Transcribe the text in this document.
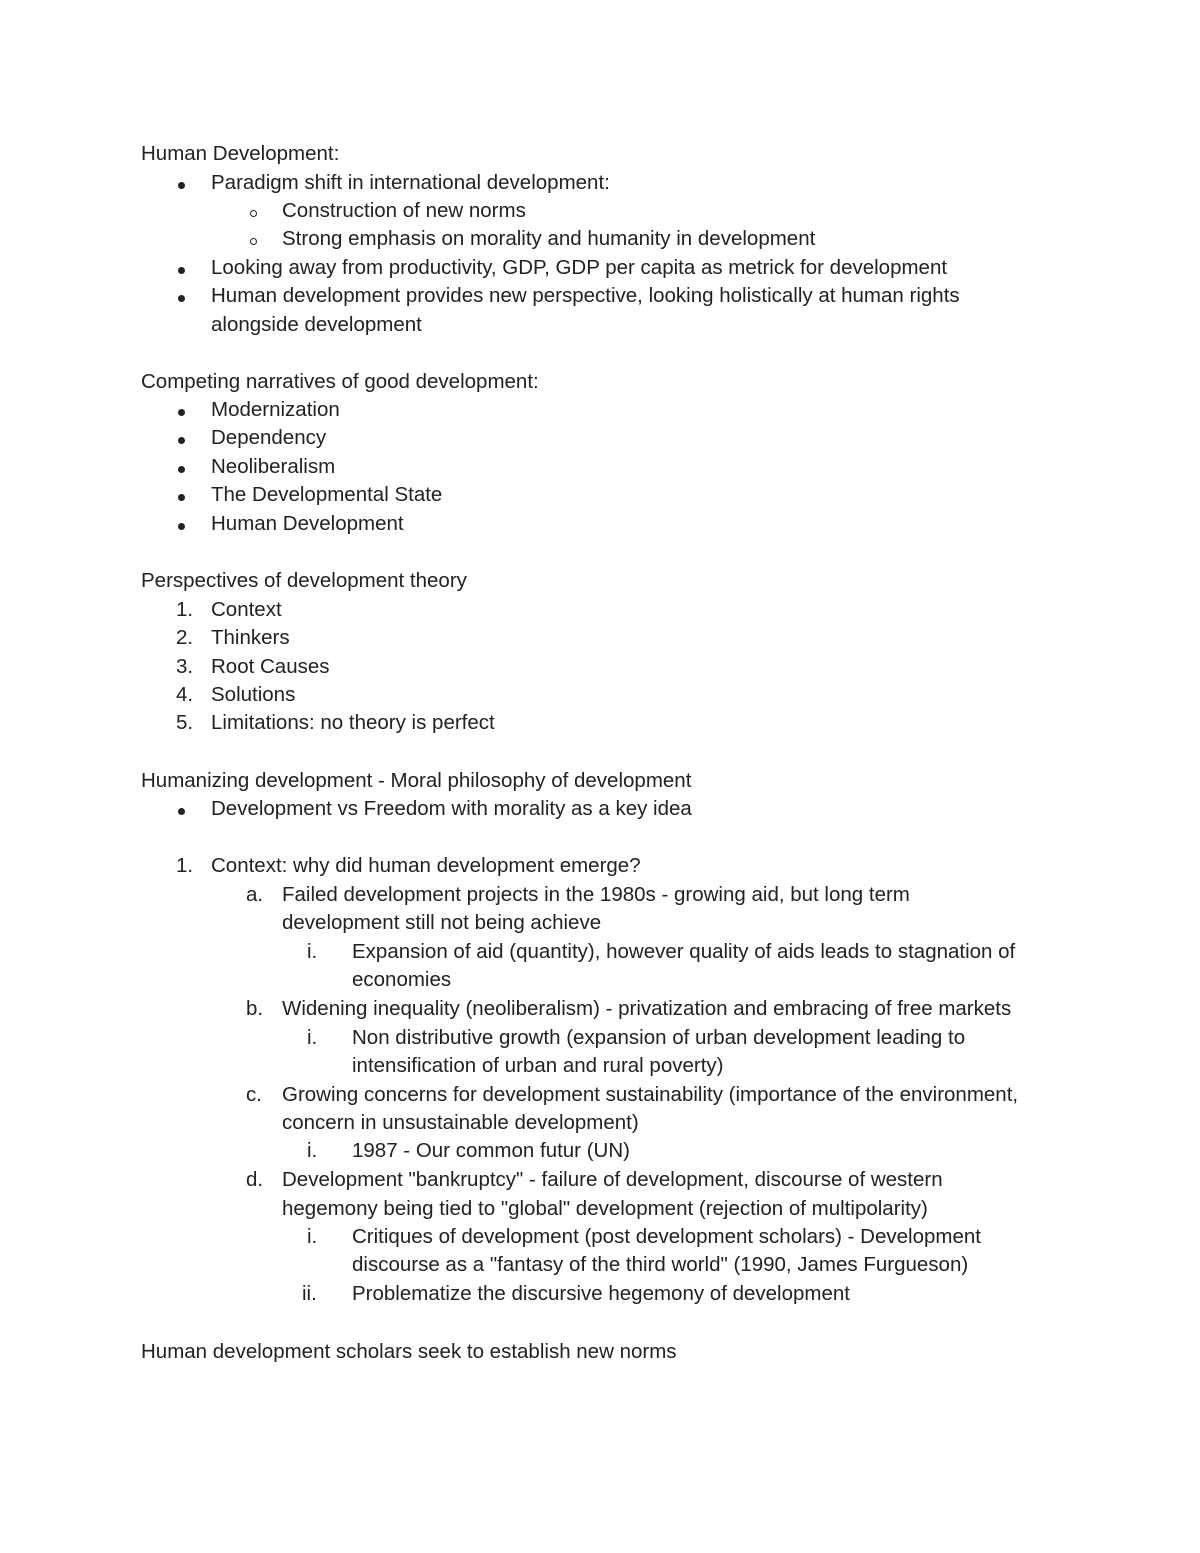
Human Development:
Paradigm shift in international development:
Construction of new norms
Strong emphasis on morality and humanity in development
Looking away from productivity, GDP, GDP per capita as metrick for development
Human development provides new perspective, looking holistically at human rights
alongside development
Competing narratives of good development:
Modernization
Dependency
Neoliberalism
The Developmental State
Human Development
Perspectives of development theory
1. Context
2. Thinkers
3. Root Causes
4. Solutions
5. Limitations: no theory is perfect
Humanizing development - Moral philosophy of development
Development vs Freedom with morality as a key idea
1. Context: why did human development emerge?
a. Failed development projects in the 1980s - growing aid, but long term
development still not being achieve
i. Expansion of aid (quantity), however quality of aids leads to stagnation of
economies
b. Widening inequality (neoliberalism) - privatization and embracing of free markets
i. Non distributive growth (expansion of urban development leading to
intensification of urban and rural poverty)
c. Growing concerns for development sustainability (importance of the environment,
concern in unsustainable development)
i. 1987 - Our common futur (UN)
d. Development "bankruptcy" - failure of development, discourse of western
hegemony being tied to "global" development (rejection of multipolarity)
i. Critiques of development (post development scholars) - Development
discourse as a "fantasy of the third world" (1990, James Furgueson)
ii. Problematize the discursive hegemony of development
Human development scholars seek to establish new norms
